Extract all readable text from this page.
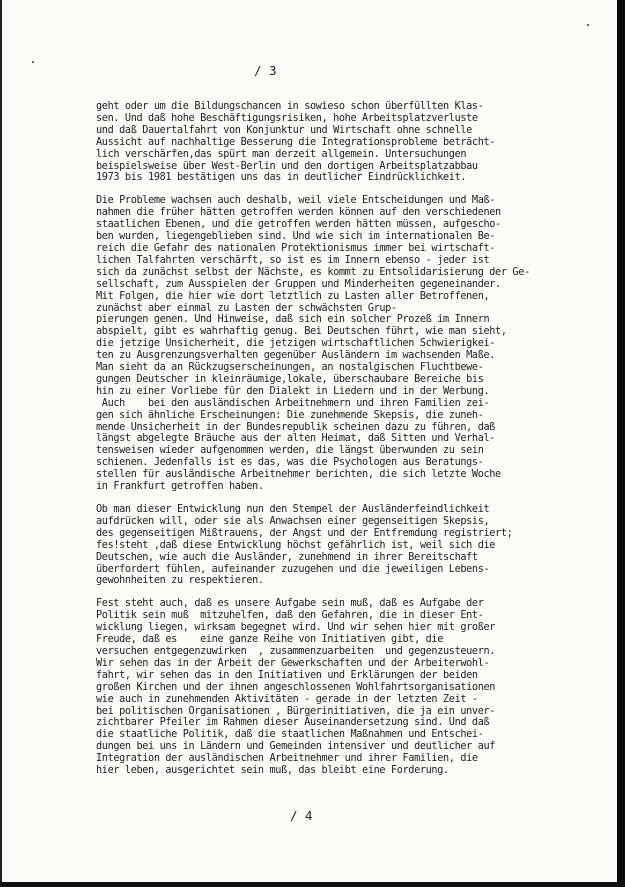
/ 3
geht oder um die Bildungschancen in sowieso schon überfüllten Klas-
sen. Und daß hohe Beschäftigungsrisiken, hohe Arbeitsplatzverluste
und daß Dauertalfahrt von Konjunktur und Wirtschaft ohne schnelle
Aussicht auf nachhaltige Besserung die Integrationsprobleme beträcht-
lich verschärfen,das spürt man derzeit allgemein. Untersuchungen
beispielsweise über West-Berlin und den dortigen Arbeitsplatzabbau
1973 bis 1981 bestätigen uns das in deutlicher Eindrücklichkeit.
Die Probleme wachsen auch deshalb, weil viele Entscheidungen und Maß-
nahmen die früher hätten getroffen werden können auf den verschiedenen
staatlichen Ebenen, und die getroffen werden hätten müssen, aufgescho-
ben wurden, liegengeblieben sind. Und wie sich im internationalen Be-
reich die Gefahr des nationalen Protektionismus immer bei wirtschaft-
lichen Talfahrten verschärft, so ist es im Innern ebenso - jeder ist
sich da zunächst selbst der Nächste, es kommt zu Entsolidarisierung der Ge-
sellschaft, zum Ausspielen der Gruppen und Minderheiten gegeneinander.
Mit Folgen, die hier wie dort letztlich zu Lasten aller Betroffenen,
zunächst aber einmal zu Lasten der schwächsten Grup-
pierungen genen. Und Hinweise, daß sich ein solcher Prozeß im Innern
abspielt, gibt es wahrhaftig genug. Bei Deutschen führt, wie man sieht,
die jetzige Unsicherheit, die jetzigen wirtschaftlichen Schwierigkei-
ten zu Ausgrenzungsverhalten gegenüber Ausländern im wachsenden Maße.
Man sieht da an Rückzugserscheinungen, an nostalgischen Fluchtbewe-
gungen Deutscher in kleinräumige,lokale, überschaubare Bereiche bis
hin zu einer Vorliebe für den Dialekt in Liedern und in der Werbung.
Auch    bei den ausländischen Arbeitnehmern und ihren Familien zei-
gen sich ähnliche Erscheinungen: Die zunehmende Skepsis, die zuneh-
mende Unsicherheit in der Bundesrepublik scheinen dazu zu führen, daß
längst abgelegte Bräuche aus der alten Heimat, daß Sitten und Verhal-
tensweisen wieder aufgenommen werden, die längst überwunden zu sein
schienen. Jedenfalls ist es das, was die Psychologen aus Beratungs-
stellen für ausländische Arbeitnehmer berichten, die sich letzte Woche
in Frankfurt getroffen haben.
Ob man dieser Entwicklung nun den Stempel der Ausländerfeindlichkeit
aufdrücken will, oder sie als Anwachsen einer gegenseitigen Skepsis,
des gegenseitigen Mißtrauens, der Angst und der Entfremdung registriert;
fes!steht ,daß diese Entwicklung höchst gefährlich ist, weil sich die
Deutschen, wie auch die Ausländer, zunehmend in ihrer Bereitschaft
überfordert fühlen, aufeinander zuzugehen und die jeweiligen Lebens-
gewohnheiten zu respektieren.
Fest steht auch, daß es unsere Aufgabe sein muß, daß es Aufgabe der
Politik sein muß  mitzuhelfen, daß den Gefahren, die in dieser Ent-
wicklung liegen, wirksam begegnet wird. Und wir sehen hier mit großer
Freude, daß es    eine ganze Reihe von Initiativen gibt, die
versuchen entgegenzuwirken  , zusammenzuarbeiten  und gegenzusteuern.
Wir sehen das in der Arbeit der Gewerkschaften und der Arbeiterwohl-
fahrt, wir sehen das in den Initiativen und Erklärungen der beiden
großen Kirchen und der ihnen angeschlossenen Wohlfahrtsorganisationen
wie auch in zunehmenden Aktivitäten - gerade in der letzten Zeit -
bei politischen Organisationen , Bürgerinitiativen, die ja ein unver-
zichtbarer Pfeiler im Rahmen dieser Auseinandersetzung sind. Und daß
die staatliche Politik, daß die staatlichen Maßnahmen und Entschei-
dungen bei uns in Ländern und Gemeinden intensiver und deutlicher auf
Integration der ausländischen Arbeitnehmer und ihrer Familien, die
hier leben, ausgerichtet sein muß, das bleibt eine Forderung.
/ 4
